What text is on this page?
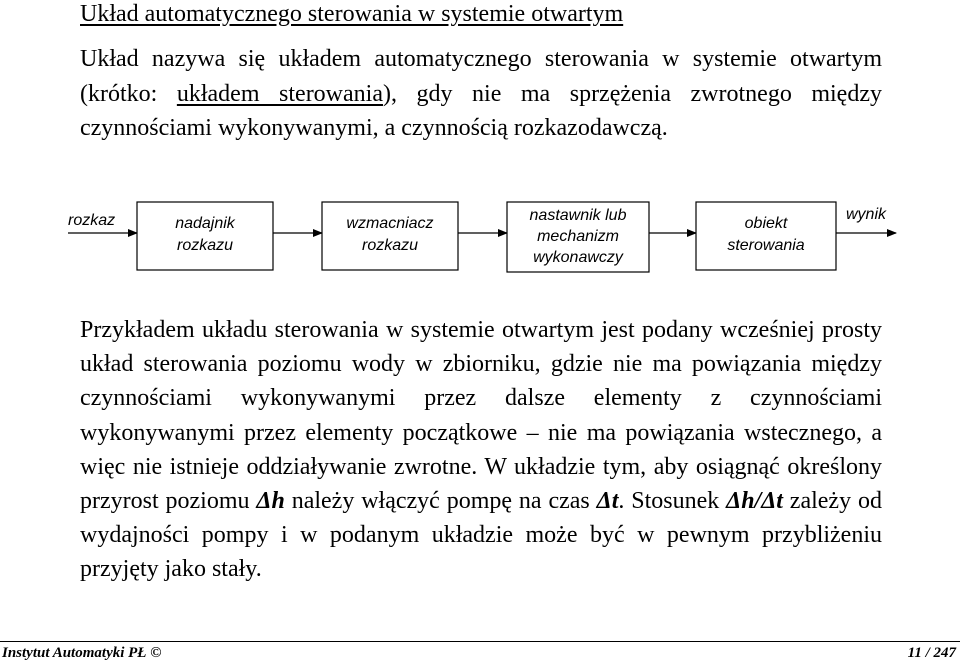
Układ automatycznego sterowania w systemie otwartym

Układ nazywa się układem automatycznego sterowania w systemie otwartym (krótko: układem sterowania), gdy nie ma sprzężenia zwrotnego między czynnościami wykonywanymi, a czynnością rozkazodawczą.

rozkaz	nadajnik
rozkazu
wzmacniacz
rozkazu
nastawnik lub
mechanizm
wykonawczy
obiekt
sterowania
wynik

Przykładem układu sterowania w systemie otwartym jest podany wcześniej prosty układ sterowania poziomu wody w zbiorniku, gdzie nie ma powiązania między czynnościami wykonywanymi przez dalsze elementy z czynnościami wykonywanymi przez elementy początkowe – nie ma powiązania wstecznego, a więc nie istnieje oddziaływanie zwrotne. W układzie tym, aby osiągnąć określony przyrost poziomu Δh należy włączyć pompę na czas Δt. Stosunek Δh/Δt zależy od wydajności pompy i w podanym układzie może być w pewnym przybliżeniu przyjęty jako stały.

Instytut Automatyki PŁ ©	11 / 247
